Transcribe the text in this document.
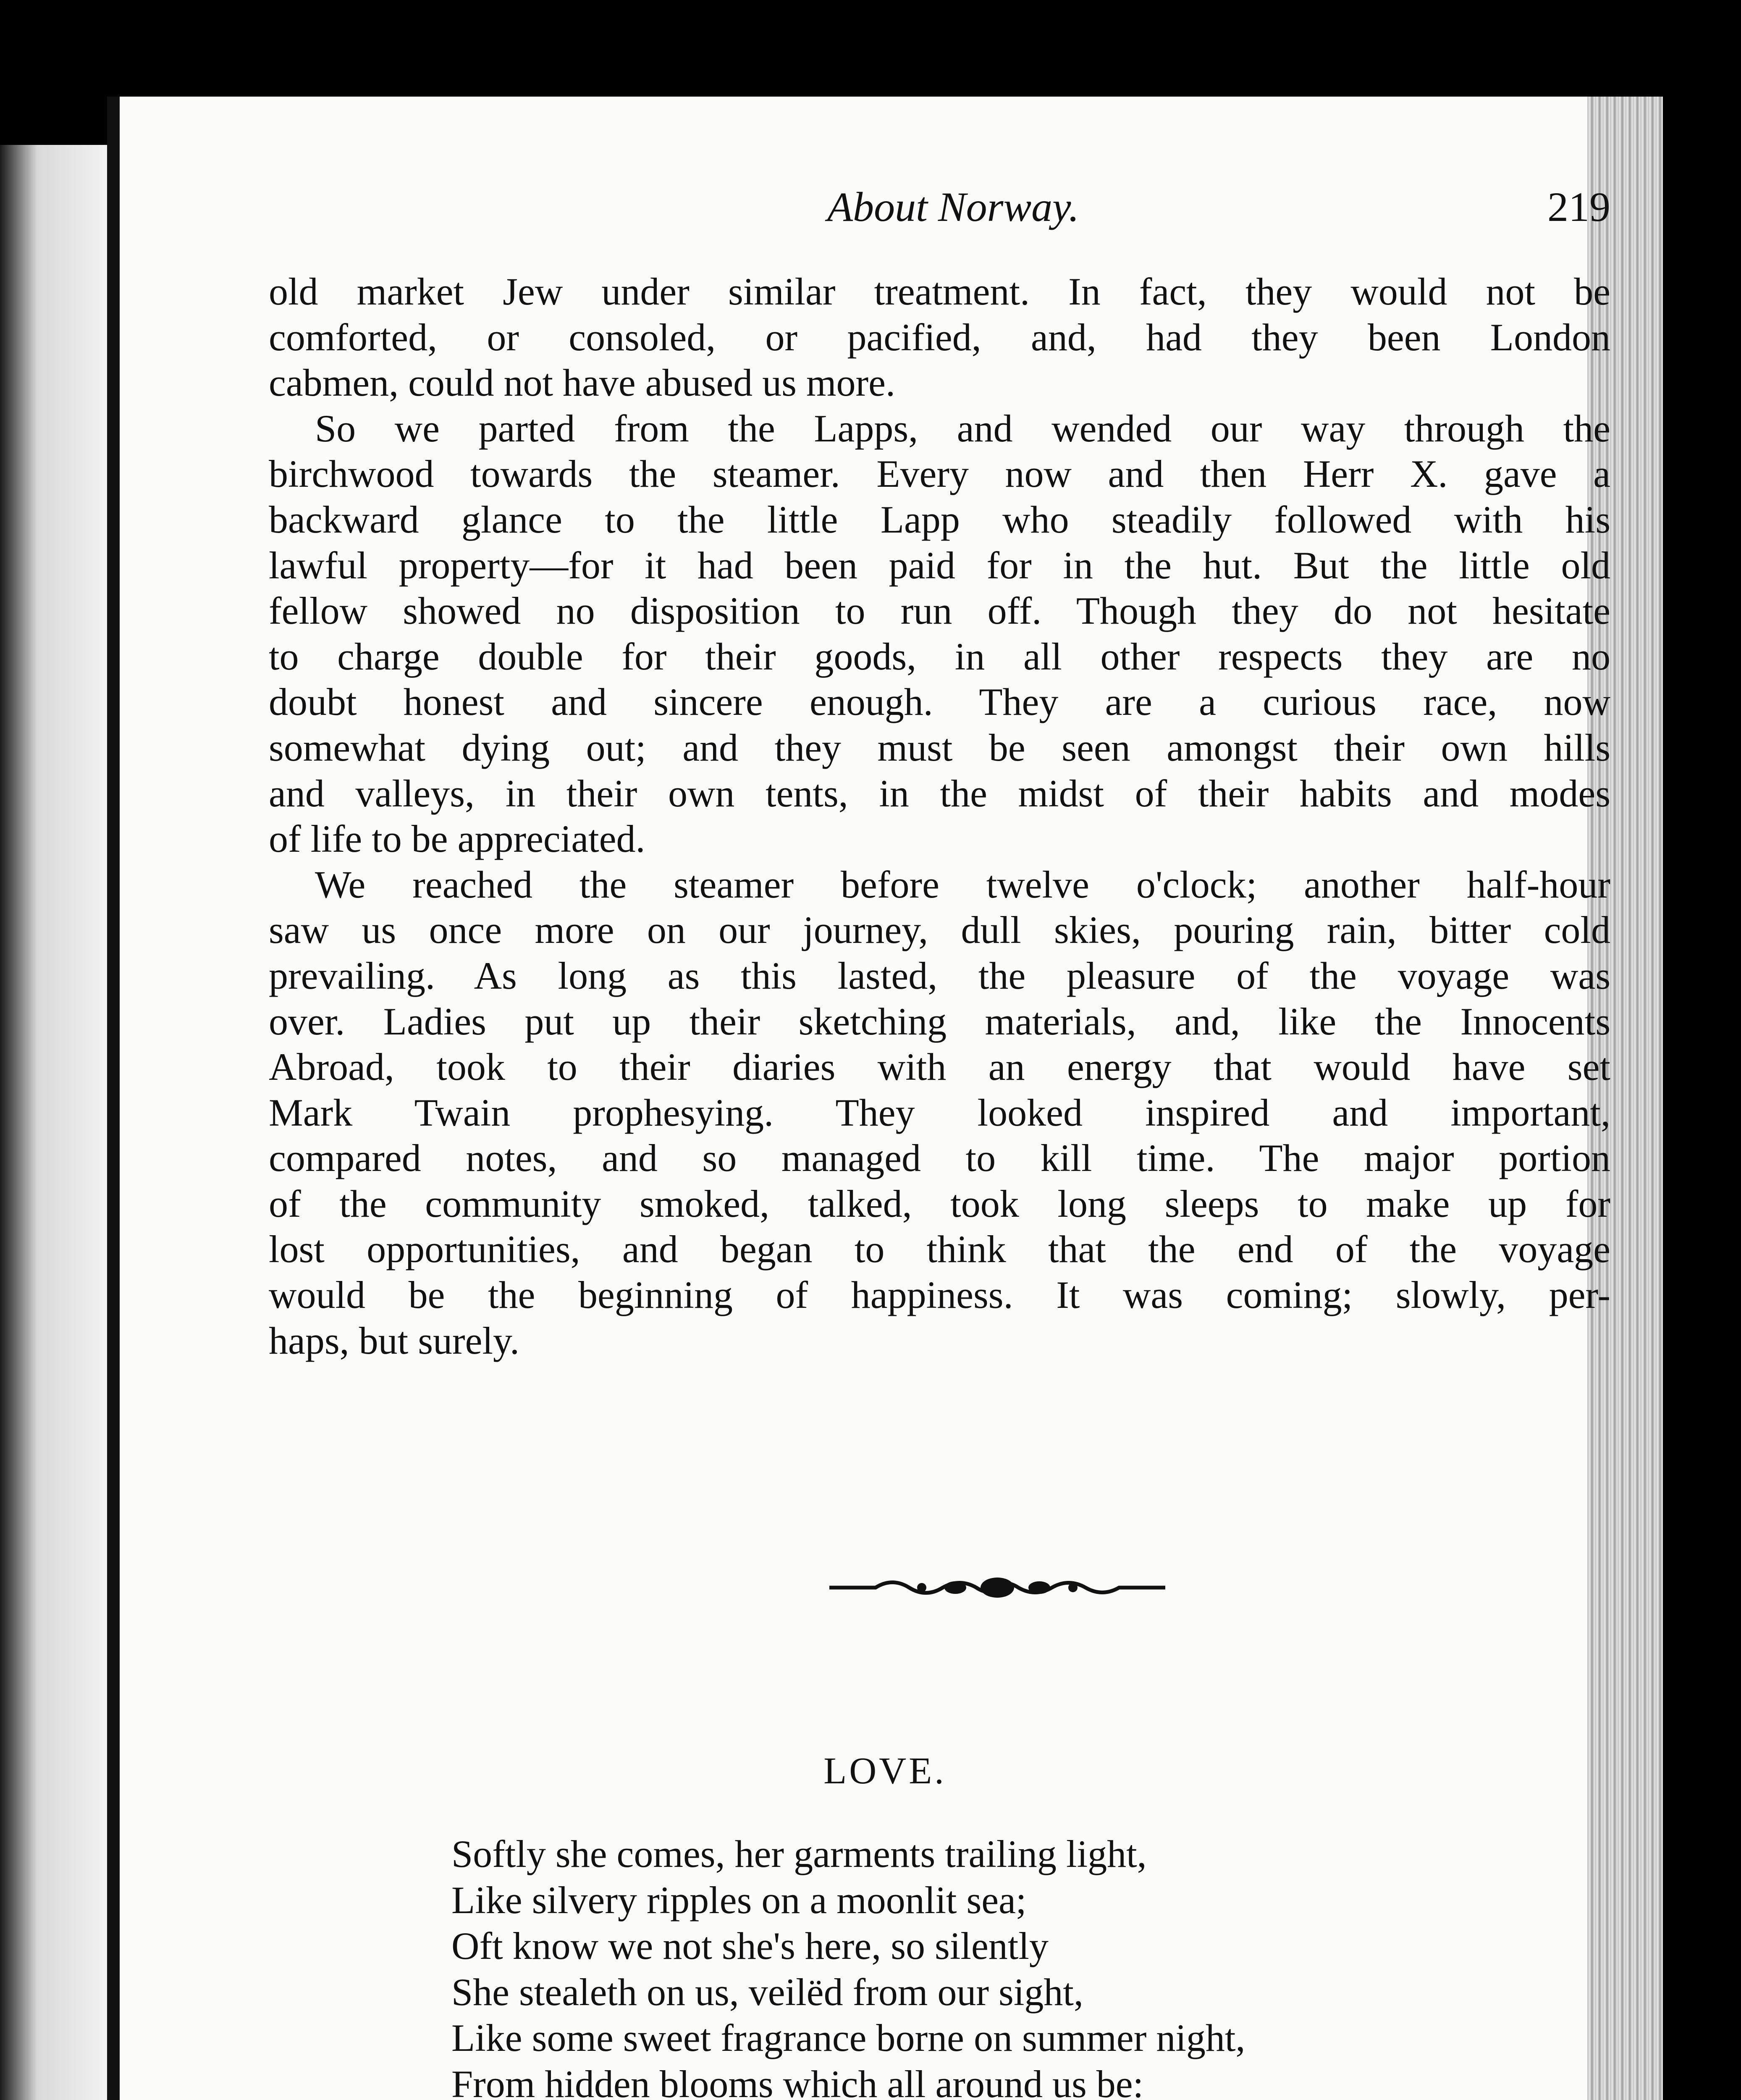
About Norway.	219

old market Jew under similar treatment. In fact, they would not be
comforted, or consoled, or pacified, and, had they been London
cabmen, could not have abused us more.

So we parted from the Lapps, and wended our way through the
birchwood towards the steamer. Every now and then Herr X. gave a
backward glance to the little Lapp who steadily followed with his
lawful property—for it had been paid for in the hut. But the little old
fellow showed no disposition to run off. Though they do not hesitate
to charge double for their goods, in all other respects they are no
doubt honest and sincere enough. They are a curious race, now
somewhat dying out; and they must be seen amongst their own hills
and valleys, in their own tents, in the midst of their habits and modes
of life to be appreciated.

We reached the steamer before twelve o'clock; another half-hour
saw us once more on our journey, dull skies, pouring rain, bitter cold
prevailing. As long as this lasted, the pleasure of the voyage was
over. Ladies put up their sketching materials, and, like the Innocents
Abroad, took to their diaries with an energy that would have set
Mark Twain prophesying. They looked inspired and important,
compared notes, and so managed to kill time. The major portion
of the community smoked, talked, took long sleeps to make up for
lost opportunities, and began to think that the end of the voyage
would be the beginning of happiness. It was coming; slowly, per-
haps, but surely.

LOVE.
Softly she comes, her garments trailing light,
Like silvery ripples on a moonlit sea;
Oft know we not she's here, so silently
She stealeth on us, veilëd from our sight,
Like some sweet fragrance borne on summer night,
From hidden blooms which all around us be:
